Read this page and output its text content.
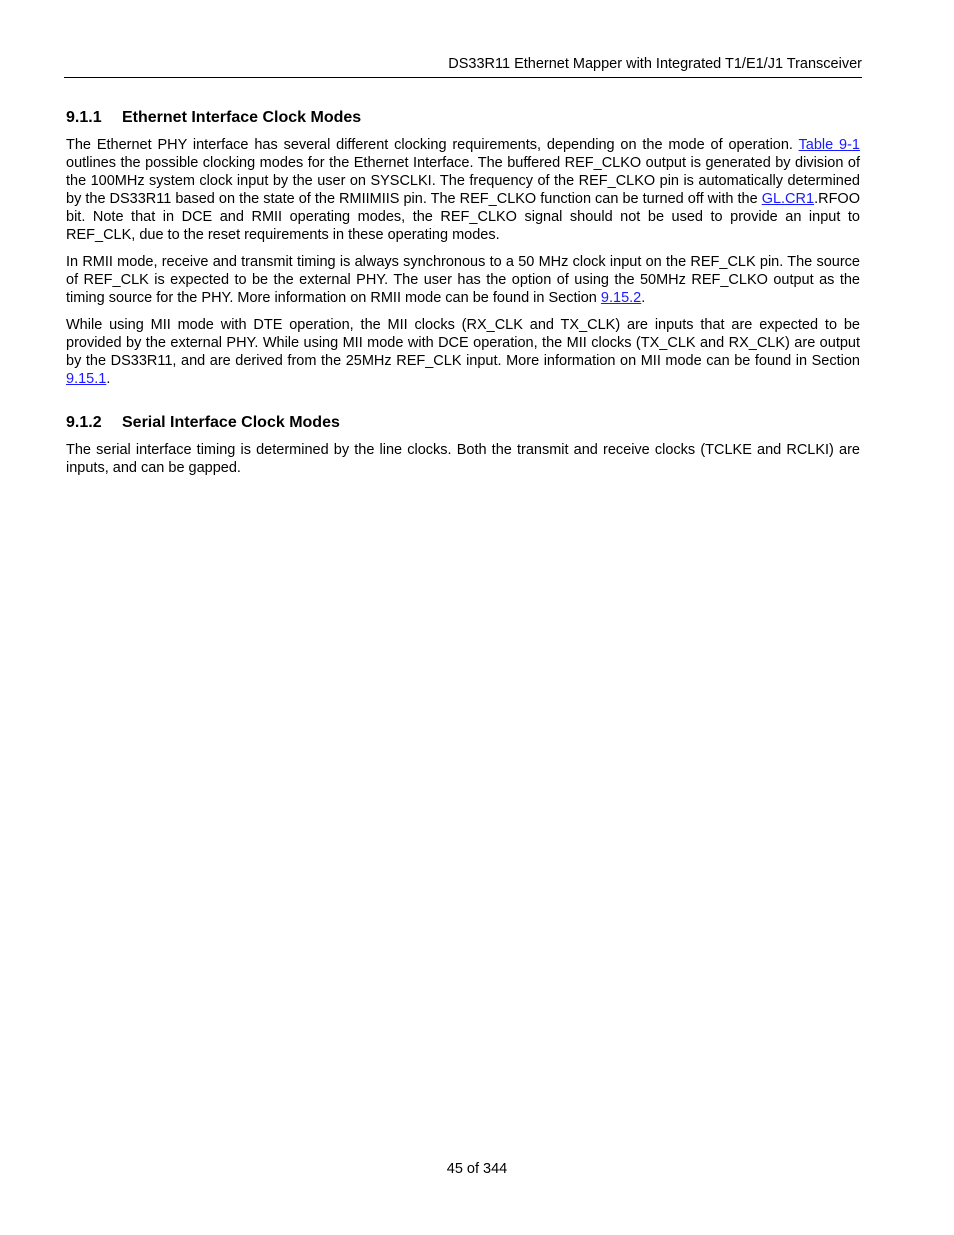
DS33R11 Ethernet Mapper with Integrated T1/E1/J1 Transceiver
9.1.1 Ethernet Interface Clock Modes

The Ethernet PHY interface has several different clocking requirements, depending on the mode of operation. Table 9-1 outlines the possible clocking modes for the Ethernet Interface. The buffered REF_CLKO output is generated by division of the 100MHz system clock input by the user on SYSCLKI. The frequency of the REF_CLKO pin is automatically determined by the DS33R11 based on the state of the RMIIMIIS pin. The REF_CLKO function can be turned off with the GL.CR1.RFOO bit. Note that in DCE and RMII operating modes, the REF_CLKO signal should not be used to provide an input to REF_CLK, due to the reset requirements in these operating modes.

In RMII mode, receive and transmit timing is always synchronous to a 50 MHz clock input on the REF_CLK pin. The source of REF_CLK is expected to be the external PHY. The user has the option of using the 50MHz REF_CLKO output as the timing source for the PHY. More information on RMII mode can be found in Section 9.15.2.

While using MII mode with DTE operation, the MII clocks (RX_CLK and TX_CLK) are inputs that are expected to be provided by the external PHY. While using MII mode with DCE operation, the MII clocks (TX_CLK and RX_CLK) are output by the DS33R11, and are derived from the 25MHz REF_CLK input. More information on MII mode can be found in Section 9.15.1.

9.1.2 Serial Interface Clock Modes

The serial interface timing is determined by the line clocks. Both the transmit and receive clocks (TCLKE and RCLKI) are inputs, and can be gapped.

45 of 344
